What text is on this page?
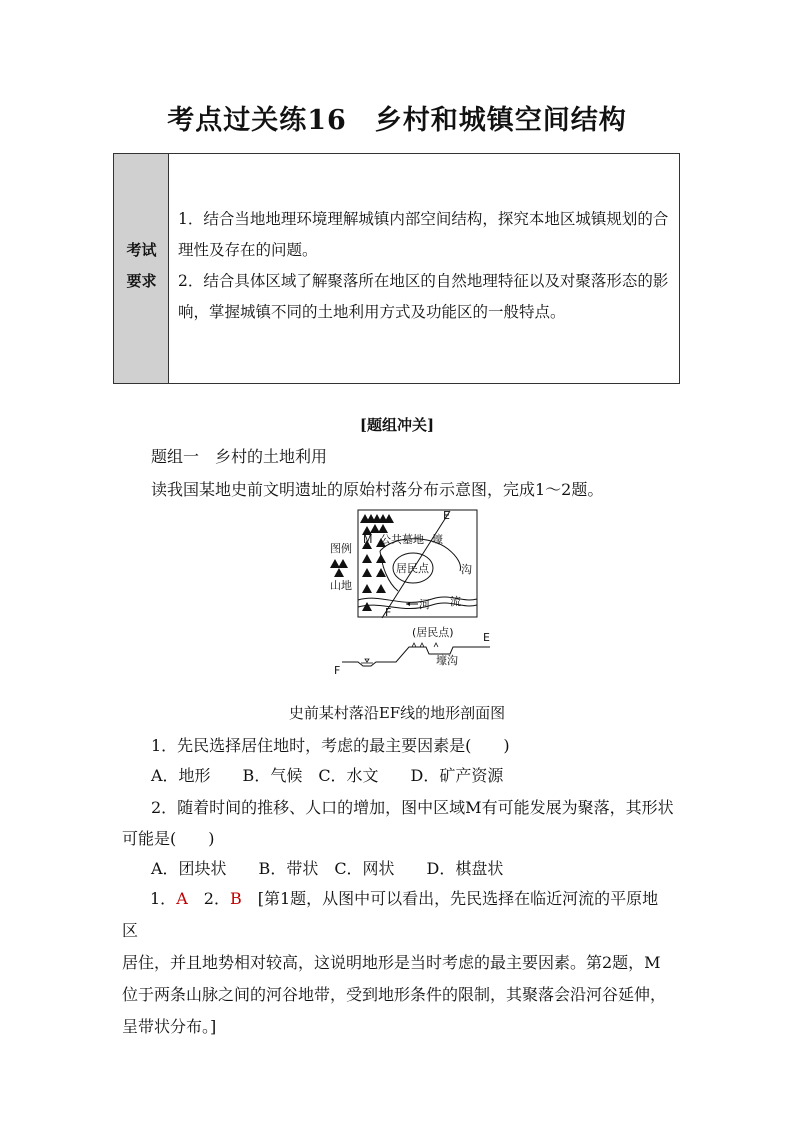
考点过关练16　乡村和城镇空间结构
考试
要求

1．结合当地地理环境理解城镇内部空间结构，探究本地区城镇规划的合理性及存在的问题。

2．结合具体区域了解聚落所在地区的自然地理特征以及对聚落形态的影响，掌握城镇不同的土地利用方式及功能区的一般特点。

[题组冲关]
题组一　乡村的土地利用
读我国某地史前文明遗址的原始村落分布示意图，完成1～2题。
图例
山地
E
F
M 公共墓地 壕
沟
居民点
河 流
(居民点)	E
F
壕沟
史前某村落沿EF线的地形剖面图
1．先民选择居住地时，考虑的最主要因素是(　　)
A．地形　　B．气候　C．水文　　D．矿产资源
2．随着时间的推移、人口的增加，图中区域M有可能发展为聚落，其形状
可能是(　　)
A．团块状　　B．带状　C．网状　　D．棋盘状

1．A　 2．B　 [第1题，从图中可以看出，先民选择在临近河流的平原地区

居住，并且地势相对较高，这说明地形是当时考虑的最主要因素。第2题，M

位于两条山脉之间的河谷地带，受到地形条件的限制，其聚落会沿河谷延伸，

呈带状分布。]
